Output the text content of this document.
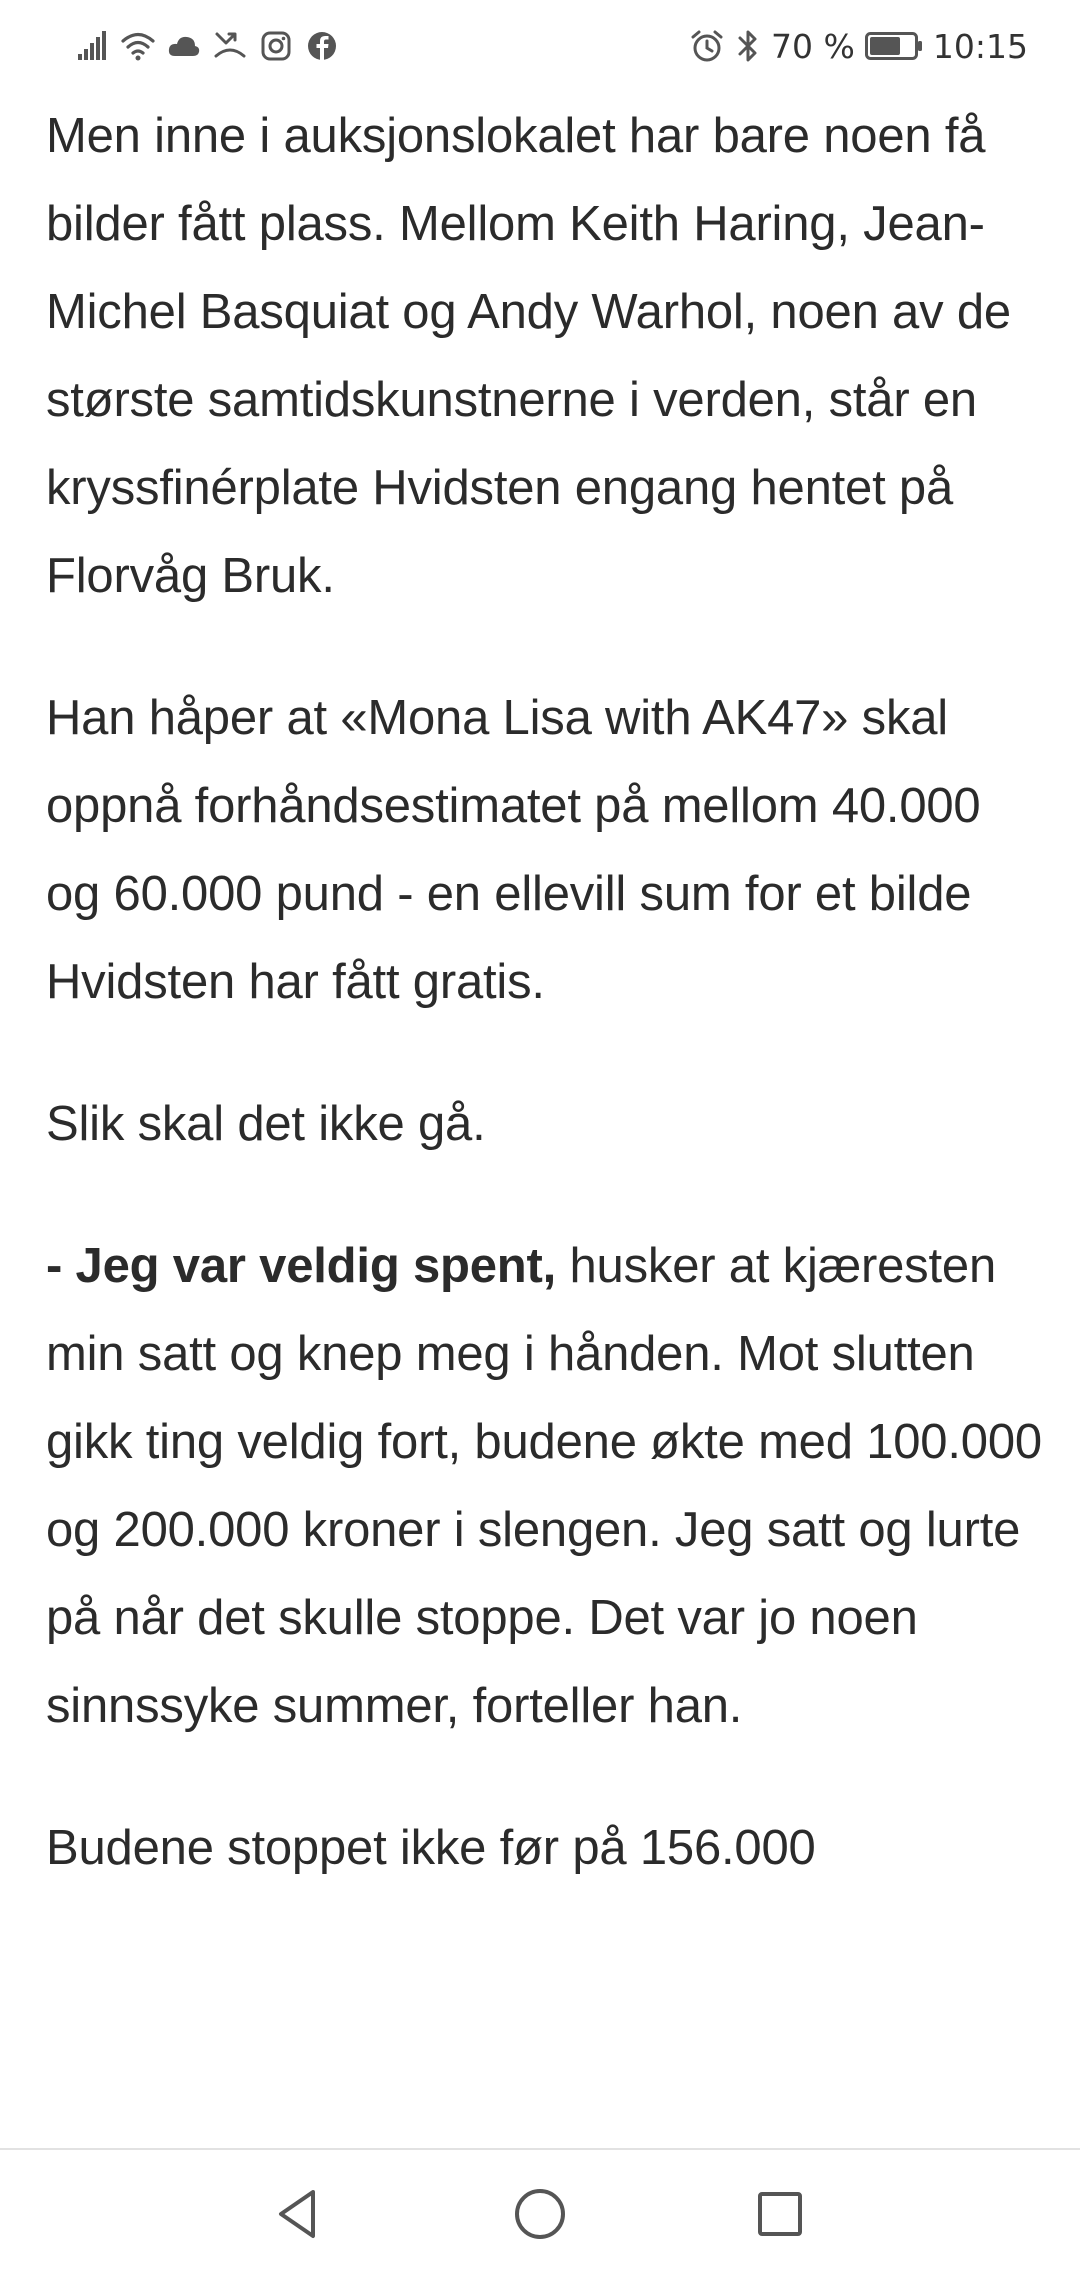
70 % 10:15

Men inne i auksjonslokalet har bare noen få bilder fått plass. Mellom Keith Haring, Jean-Michel Basquiat og Andy Warhol, noen av de største samtidskunstnerne i verden, står en kryssfinérplate Hvidsten engang hentet på Florvåg Bruk.

Han håper at «Mona Lisa with AK47» skal oppnå forhåndsestimatet på mellom 40.000 og 60.000 pund - en ellevill sum for et bilde Hvidsten har fått gratis.

Slik skal det ikke gå.

- Jeg var veldig spent, husker at kjæresten min satt og knep meg i hånden. Mot slutten gikk ting veldig fort, budene økte med 100.000 og 200.000 kroner i slengen. Jeg satt og lurte på når det skulle stoppe. Det var jo noen sinnssyke summer, forteller han.

Budene stoppet ikke før på 156.000
